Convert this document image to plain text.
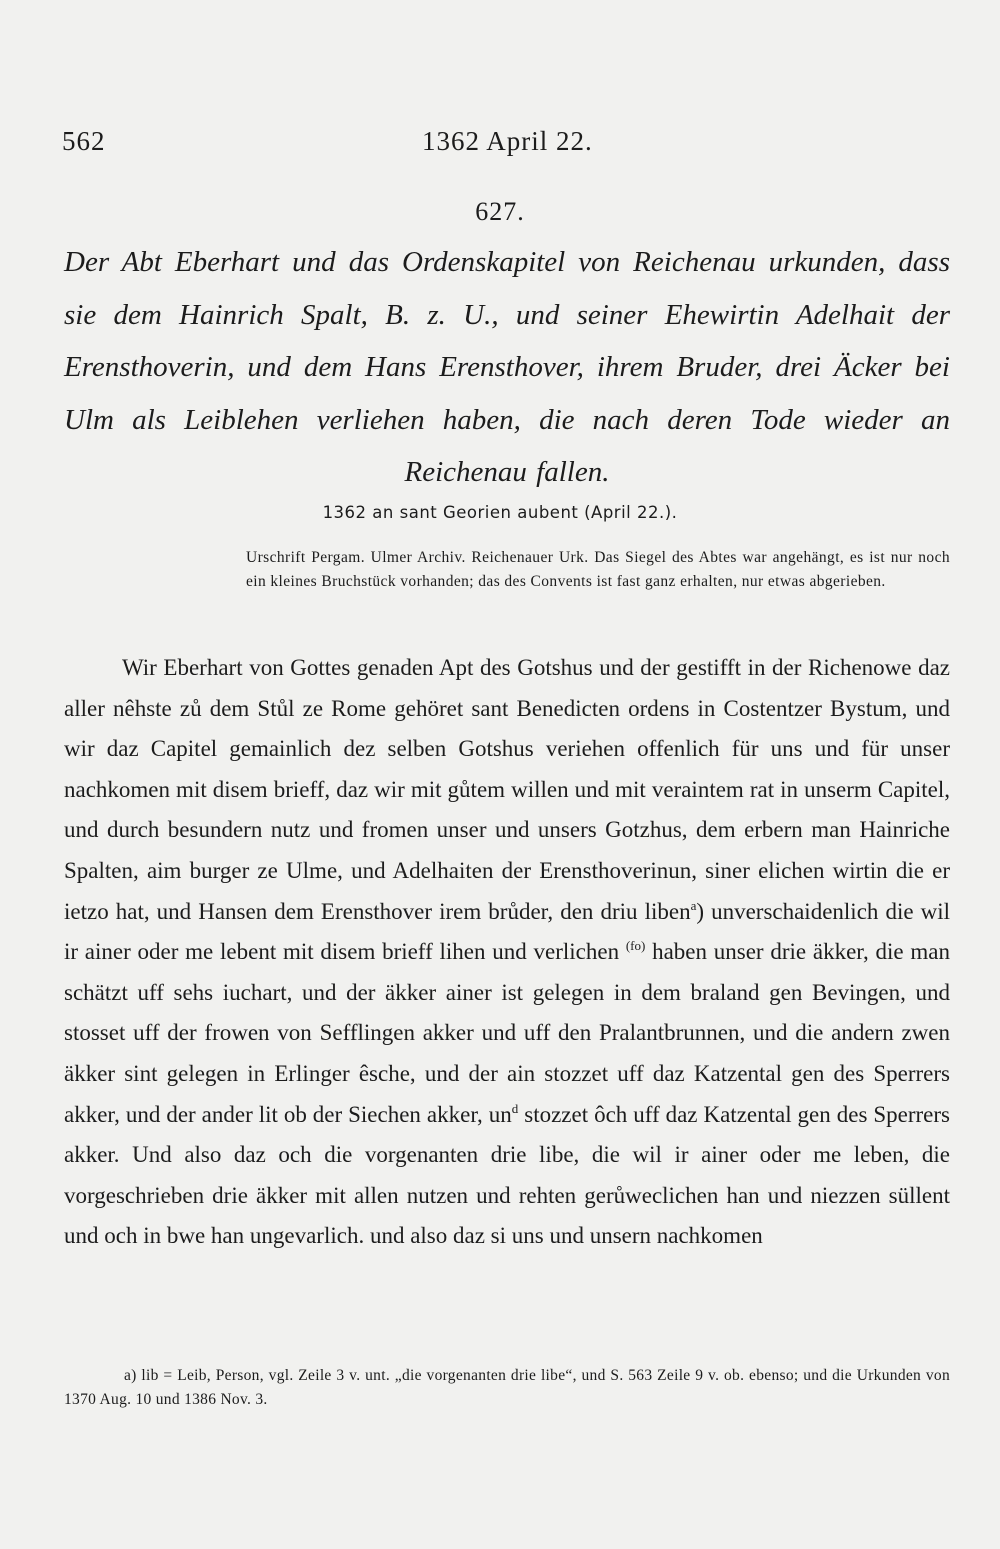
562	1362 April 22.
627.
Der Abt Eberhart und das Ordenskapitel von Reichenau urkunden, dass sie dem Hainrich Spalt, B. z. U., und seiner Ehewirtin Adelhait der Erensthoverin, und dem Hans Erensthover, ihrem Bruder, drei Äcker bei Ulm als Leiblehen verliehen haben, die nach deren Tode wieder an Reichenau fallen.
1362 an sant Georien aubent (April 22.).
Urschrift Pergam. Ulmer Archiv. Reichenauer Urk. Das Siegel des Abtes war angehängt, es ist nur noch ein kleines Bruchstück vorhanden; das des Convents ist fast ganz erhalten, nur etwas abgerieben.
Wir Eberhart von Gottes genaden Apt des Gotshus und der gestifft in der Richenowe daz aller nêhste zů dem Stůl ze Rome gehöret sant Benedicten ordens in Costentzer Bystum, und wir daz Capitel gemainlich dez selben Gotshus veriehen offenlich für uns und für unser nachkomen mit disem brieff, daz wir mit gůtem willen und mit veraintem rat in unserm Capitel, und durch besundern nutz und fromen unser und unsers Gotzhus, dem erbern man Hainriche Spalten, aim burger ze Ulme, und Adelhaiten der Erensthoverinun, siner elichen wirtin die er ietzo hat, und Hansen dem Erensthover irem brůder, den driu liben$^a$) unverschaidenlich die wil ir ainer oder me lebent mit disem brieff lihen und verlichen $^{(fo)}$ haben unser drie äkker, die man schätzt uff sehs iuchart, und der äkker ainer ist gelegen in dem braland gen Bevingen, und stosset uff der frowen von Sefflingen akker und uff den Pralantbrunnen, und die andern zwen äkker sint gelegen in Erlinger êsche, und der ain stozzet uff daz Katzental gen des Sperrers akker, und der ander lit ob der Siechen akker, $un^d$ stozzet ôch uff daz Katzental gen des Sperrers akker. Und also daz och die vorgenanten drie libe, die wil ir ainer oder me leben, die vorgeschrieben drie äkker mit allen nutzen und rehten gerůweclichen han und niezzen süllent und och in bwe han ungevarlich. und also daz si uns und unsern nachkomen
a) lib = Leib, Person, vgl. Zeile 3 v. unt. „die vorgenanten drie libe“, und S. 563 Zeile 9 v. ob. ebenso; und die Urkunden von 1370 Aug. 10 und 1386 Nov. 3.
